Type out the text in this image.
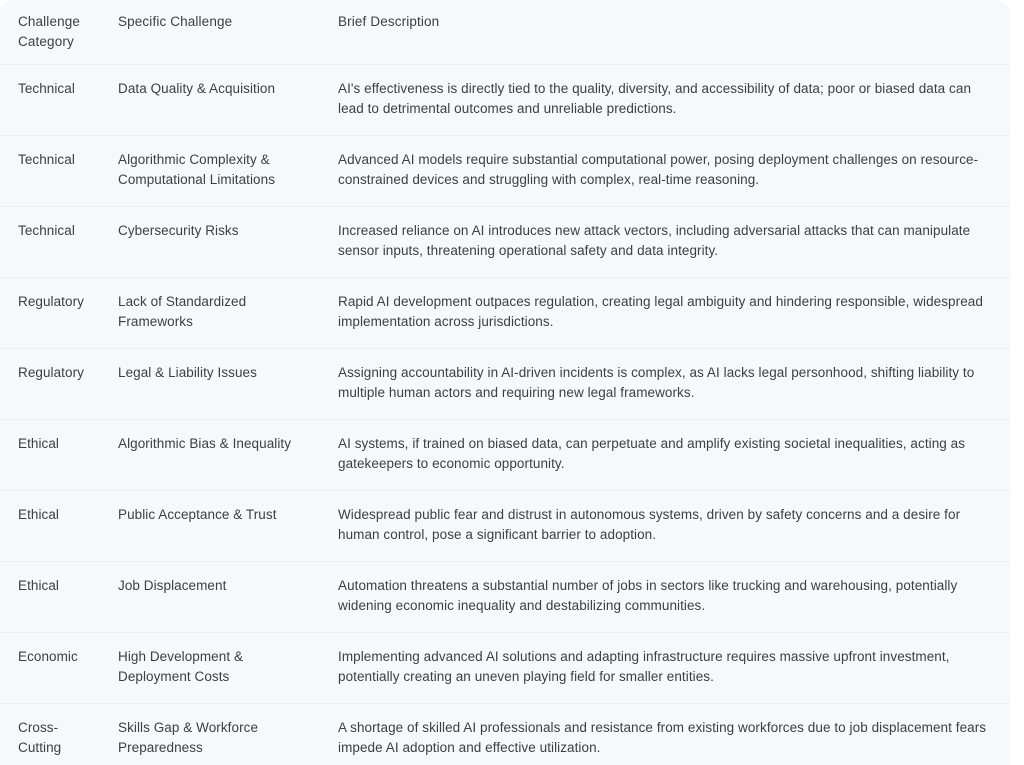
Challenge Category	Specific Challenge	Brief Description
Technical	Data Quality & Acquisition	AI's effectiveness is directly tied to the quality, diversity, and accessibility of data; poor or biased data can lead to detrimental outcomes and unreliable predictions.
Technical	Algorithmic Complexity & Computational Limitations	Advanced AI models require substantial computational power, posing deployment challenges on resource-constrained devices and struggling with complex, real-time reasoning.
Technical	Cybersecurity Risks	Increased reliance on AI introduces new attack vectors, including adversarial attacks that can manipulate sensor inputs, threatening operational safety and data integrity.
Regulatory	Lack of Standardized Frameworks	Rapid AI development outpaces regulation, creating legal ambiguity and hindering responsible, widespread implementation across jurisdictions.
Regulatory	Legal & Liability Issues	Assigning accountability in AI-driven incidents is complex, as AI lacks legal personhood, shifting liability to multiple human actors and requiring new legal frameworks.
Ethical	Algorithmic Bias & Inequality	AI systems, if trained on biased data, can perpetuate and amplify existing societal inequalities, acting as gatekeepers to economic opportunity.
Ethical	Public Acceptance & Trust	Widespread public fear and distrust in autonomous systems, driven by safety concerns and a desire for human control, pose a significant barrier to adoption.
Ethical	Job Displacement	Automation threatens a substantial number of jobs in sectors like trucking and warehousing, potentially widening economic inequality and destabilizing communities.
Economic	High Development & Deployment Costs	Implementing advanced AI solutions and adapting infrastructure requires massive upfront investment, potentially creating an uneven playing field for smaller entities.
Cross-Cutting	Skills Gap & Workforce Preparedness	A shortage of skilled AI professionals and resistance from existing workforces due to job displacement fears impede AI adoption and effective utilization.
